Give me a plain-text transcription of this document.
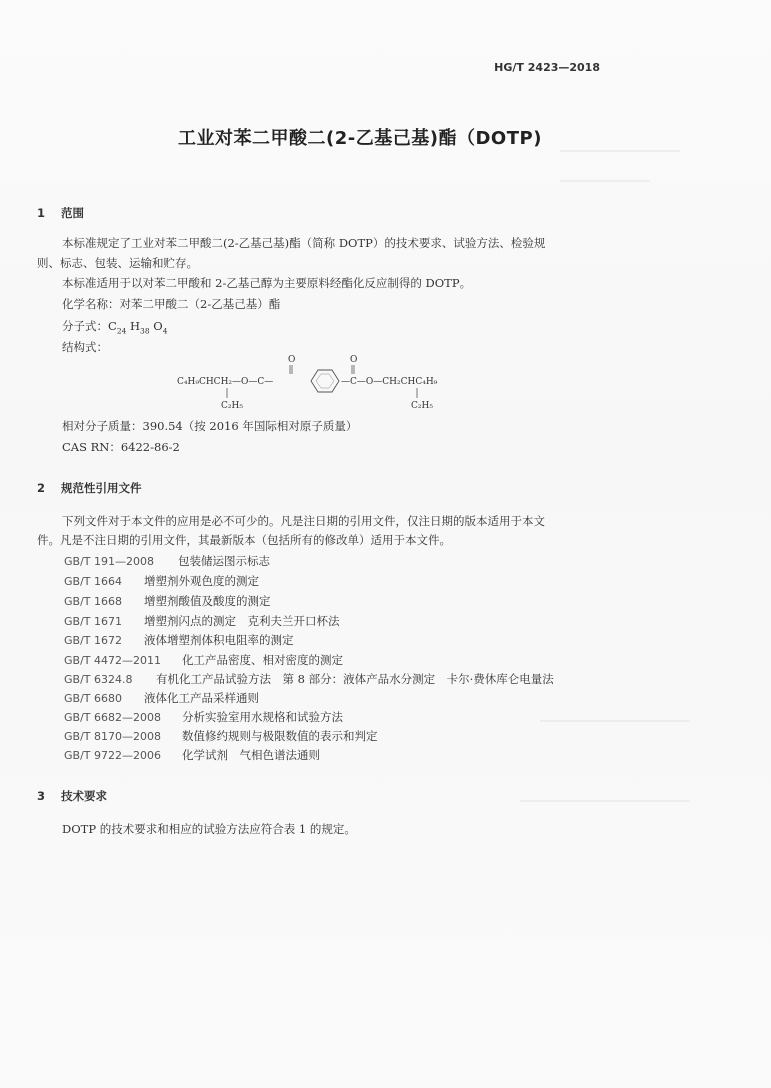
HG/T 2423—2018
工业对苯二甲酸二(2-乙基己基)酯（DOTP)
1 范围
本标准规定了工业对苯二甲酸二(2-乙基己基)酯（简称 DOTP）的技术要求、试验方法、检验规
则、标志、包装、运输和贮存。
本标准适用于以对苯二甲酸和 2-乙基己醇为主要原料经酯化反应制得的 DOTP。
化学名称：对苯二甲酸二（2-乙基己基）酯
分子式：$C_{24}$ $H_{38}$ $O_4$
结构式：
O
C₄H₉CHCH₂—O—C—
C₂H₅
O
—C—O—CH₂CHC₄H₉
C₂H₅
相对分子质量：390.54（按 2016 年国际相对原子质量）
CAS RN：6422-86-2
2 规范性引用文件
下列文件对于本文件的应用是必不可少的。凡是注日期的引用文件，仅注日期的版本适用于本文
件。凡是不注日期的引用文件，其最新版本（包括所有的修改单）适用于本文件。
GB/T 191—2008 包装储运图示标志
GB/T 1664 增塑剂外观色度的测定
GB/T 1668 增塑剂酸值及酸度的测定
GB/T 1671 增塑剂闪点的测定　克利夫兰开口杯法
GB/T 1672 液体增塑剂体积电阻率的测定
GB/T 4472—2011 化工产品密度、相对密度的测定
GB/T 6324.8 有机化工产品试验方法　第 8 部分：液体产品水分测定　卡尔·费休库仑电量法
GB/T 6680 液体化工产品采样通则
GB/T 6682—2008 分析实验室用水规格和试验方法
GB/T 8170—2008 数值修约规则与极限数值的表示和判定
GB/T 9722—2006 化学试剂　气相色谱法通则
3 技术要求
DOTP 的技术要求和相应的试验方法应符合表 1 的规定。
